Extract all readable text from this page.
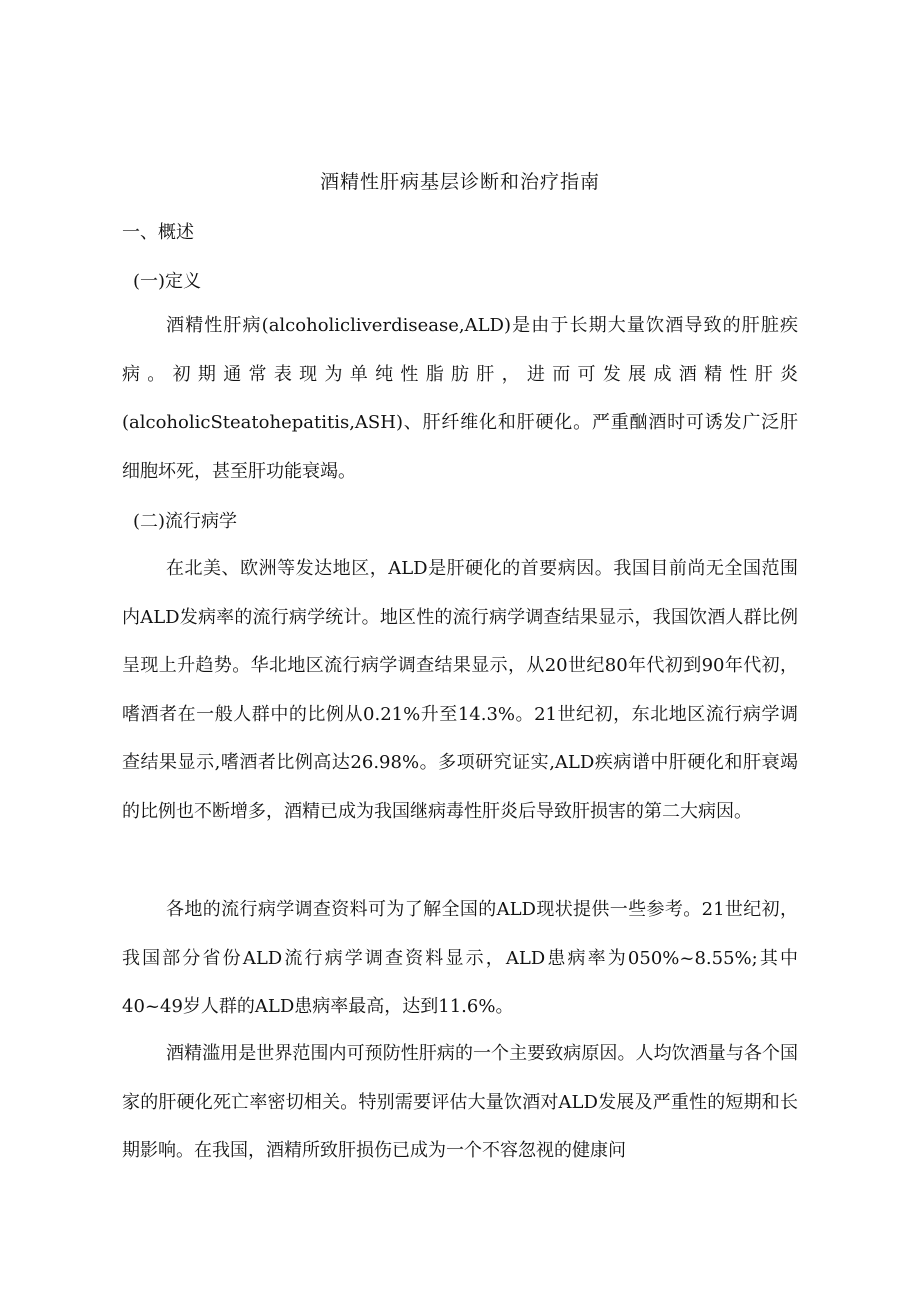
酒精性肝病基层诊断和治疗指南
一、概述
(一)定义

酒精性肝病(alcoholicliverdisease,ALD)是由于长期大量饮酒导致的肝脏疾病。初期通常表现为单纯性脂肪肝，进而可发展成酒精性肝炎(alcoholicSteatohepatitis,ASH)、肝纤维化和肝硬化。严重酗酒时可诱发广泛肝细胞坏死，甚至肝功能衰竭。

(二)流行病学

在北美、欧洲等发达地区，ALD是肝硬化的首要病因。我国目前尚无全国范围内ALD发病率的流行病学统计。地区性的流行病学调查结果显示，我国饮酒人群比例呈现上升趋势。华北地区流行病学调查结果显示，从20世纪80年代初到90年代初，嗜酒者在一般人群中的比例从0.21%升至14.3%。21世纪初，东北地区流行病学调查结果显示,嗜酒者比例高达26.98%。多项研究证实,ALD疾病谱中肝硬化和肝衰竭的比例也不断增多，酒精已成为我国继病毒性肝炎后导致肝损害的第二大病因。

各地的流行病学调查资料可为了解全国的ALD现状提供一些参考。21世纪初，我国部分省份ALD流行病学调查资料显示，ALD患病率为050%~8.55%;其中40~49岁人群的ALD患病率最高，达到11.6%。

酒精滥用是世界范围内可预防性肝病的一个主要致病原因。人均饮酒量与各个国家的肝硬化死亡率密切相关。特别需要评估大量饮酒对ALD发展及严重性的短期和长期影响。在我国，酒精所致肝损伤已成为一个不容忽视的健康问
